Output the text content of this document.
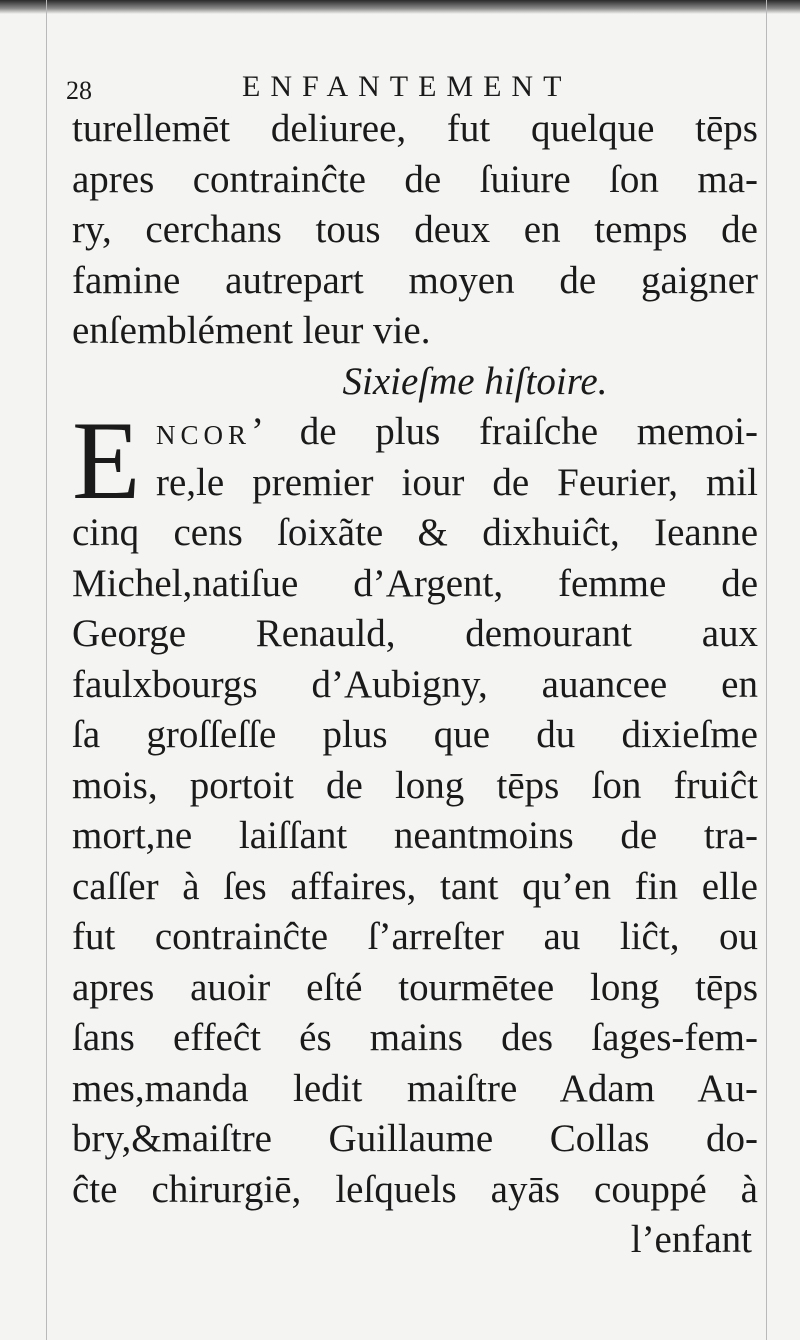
28	ENFANTEMENT
turellemēt deliuree, fut quelque tēps
apres contrainĉte de ſuiure ſon ma-
ry, cerchans tous deux en temps de
famine autrepart moyen de gaigner
enſemblément leur vie.
Sixieſme hiſtoire.
E NCOR’ de plus fraiſche memoi-
re,le premier iour de Feurier, mil
cinq cens ſoixãte & dixhuiĉt, Ieanne
Michel,natiſue d’Argent, femme de
George Renauld, demourant aux
faulxbourgs d’Aubigny, auancee en
ſa groſſeſſe plus que du dixieſme
mois, portoit de long tēps ſon fruiĉt
mort,ne laiſſant neantmoins de tra-
caſſer à ſes affaires, tant qu’en fin elle
fut contrainĉte ſ’arreſter au liĉt, ou
apres auoir eſté tourmētee long tēps
ſans effeĉt és mains des ſages-fem-
mes,manda ledit maiſtre Adam Au-
bry,&maiſtre Guillaume Collas do-
ĉte chirurgiē, leſquels ayās couppé à
l’enfant
